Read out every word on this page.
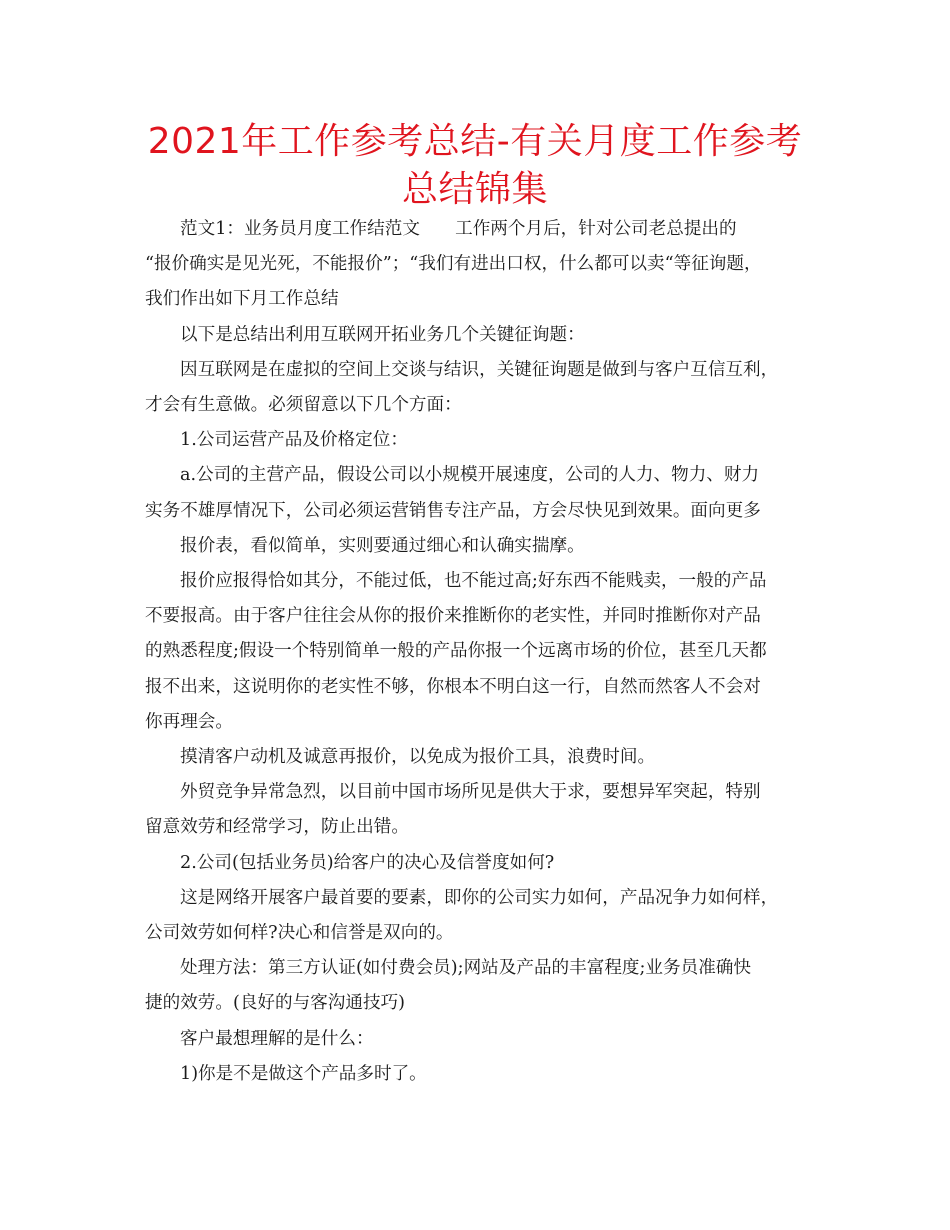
2021年工作参考总结-有关月度工作参考总结锦集

范文1：业务员月度工作结范文　　工作两个月后，针对公司老总提出的
“报价确实是见光死，不能报价”；“我们有进出口权，什么都可以卖“等征询题，
我们作出如下月工作总结

以下是总结出利用互联网开拓业务几个关键征询题：

因互联网是在虚拟的空间上交谈与结识，关键征询题是做到与客户互信互利，
才会有生意做。必须留意以下几个方面：

1.公司运营产品及价格定位：

a.公司的主营产品，假设公司以小规模开展速度，公司的人力、物力、财力
实务不雄厚情况下，公司必须运营销售专注产品，方会尽快见到效果。面向更多

报价表，看似简单，实则要通过细心和认确实揣摩。

报价应报得恰如其分，不能过低，也不能过高;好东西不能贱卖，一般的产品
不要报高。由于客户往往会从你的报价来推断你的老实性，并同时推断你对产品
的熟悉程度;假设一个特别简单一般的产品你报一个远离市场的价位，甚至几天都
报不出来，这说明你的老实性不够，你根本不明白这一行，自然而然客人不会对
你再理会。

摸清客户动机及诚意再报价，以免成为报价工具，浪费时间。

外贸竞争异常急烈，以目前中国市场所见是供大于求，要想异军突起，特别
留意效劳和经常学习，防止出错。

2.公司(包括业务员)给客户的决心及信誉度如何?

这是网络开展客户最首要的要素，即你的公司实力如何，产品况争力如何样，
公司效劳如何样?决心和信誉是双向的。

处理方法：第三方认证(如付费会员);网站及产品的丰富程度;业务员准确快
捷的效劳。(良好的与客沟通技巧)

客户最想理解的是什么：

1)你是不是做这个产品多时了。
